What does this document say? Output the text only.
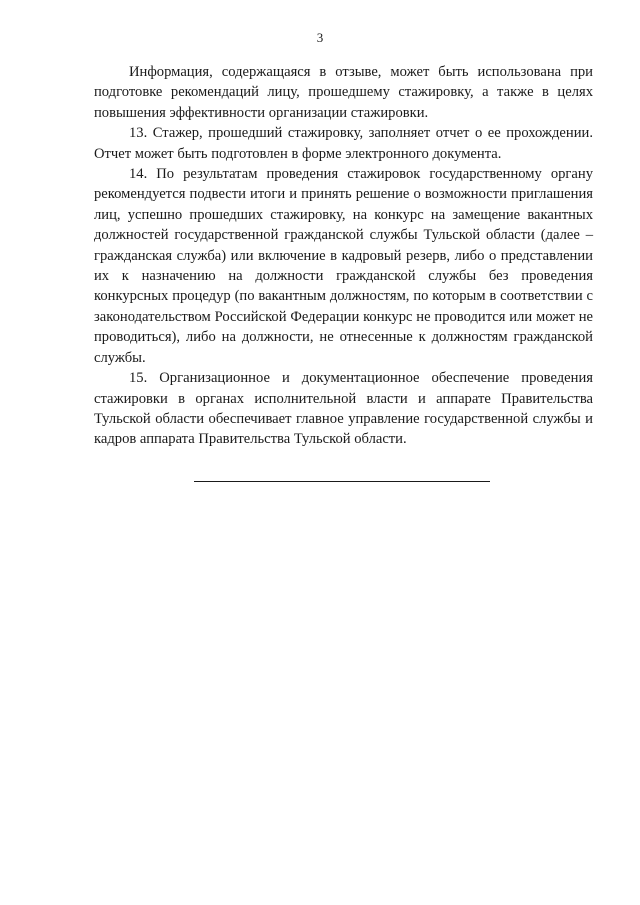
3

Информация, содержащаяся в отзыве, может быть использована при подготовке рекомендаций лицу, прошедшему стажировку, а также в целях повышения эффективности организации стажировки.

13. Стажер, прошедший стажировку, заполняет отчет о ее прохождении. Отчет может быть подготовлен в форме электронного документа.

14. По результатам проведения стажировок государственному органу рекомендуется подвести итоги и принять решение о возможности приглашения лиц, успешно прошедших стажировку, на конкурс на замещение вакантных должностей государственной гражданской службы Тульской области (далее – гражданская служба) или включение в кадровый резерв, либо о представлении их к назначению на должности гражданской службы без проведения конкурсных процедур (по вакантным должностям, по которым в соответствии с законодательством Российской Федерации конкурс не проводится или может не проводиться), либо на должности, не отнесенные к должностям гражданской службы.

15. Организационное и документационное обеспечение проведения стажировки в органах исполнительной власти и аппарате Правительства Тульской области обеспечивает главное управление государственной службы и кадров аппарата Правительства Тульской области.
